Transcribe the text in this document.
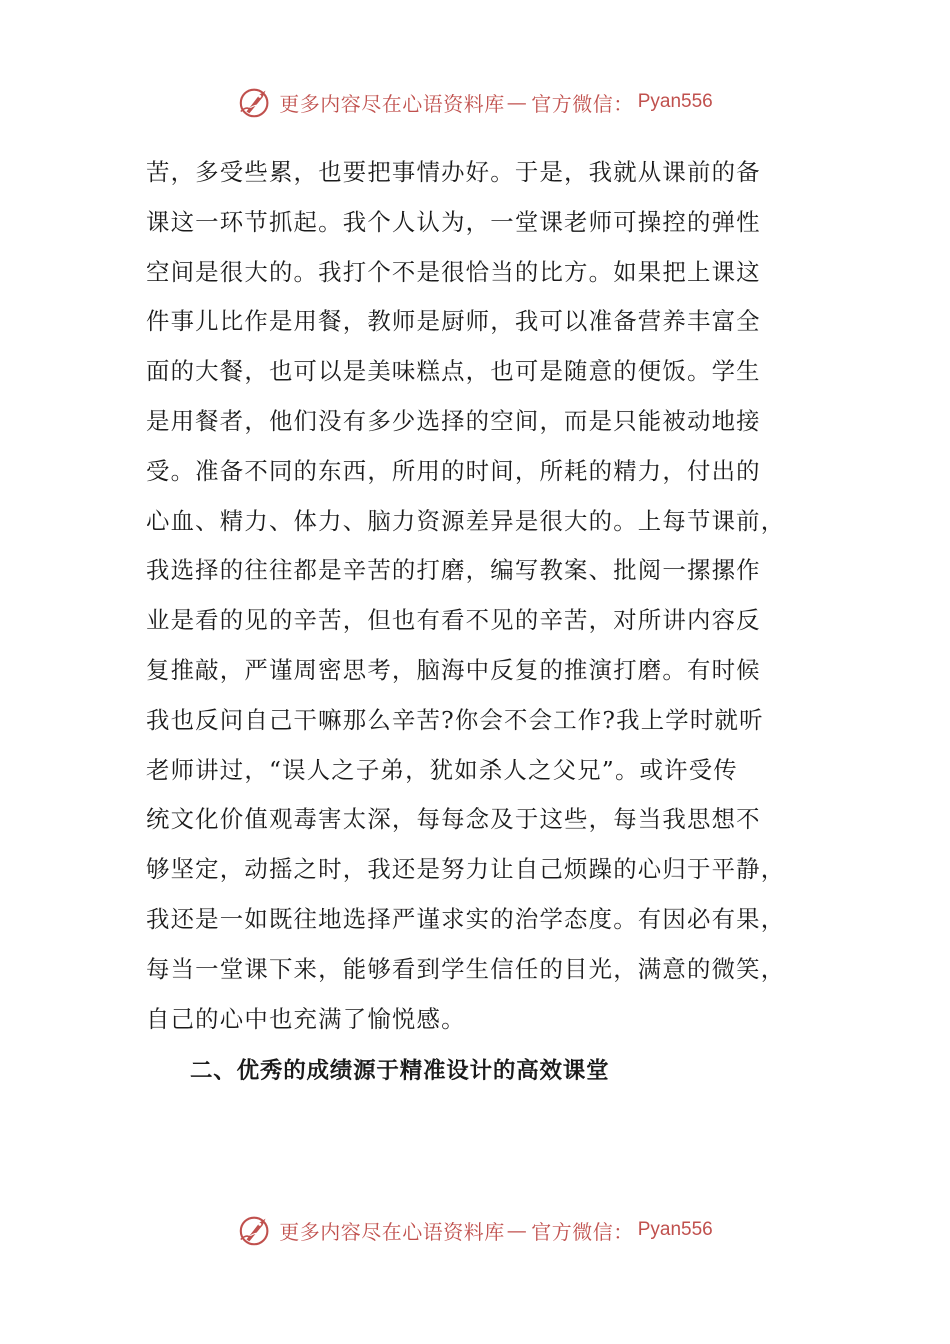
更多内容尽在心语资料库 — 官方微信： Pyan556
苦，多受些累，也要把事情办好。于是，我就从课前的备
课这一环节抓起。我个人认为，一堂课老师可操控的弹性
空间是很大的。我打个不是很恰当的比方。如果把上课这
件事儿比作是用餐，教师是厨师，我可以准备营养丰富全
面的大餐，也可以是美味糕点，也可是随意的便饭。学生
是用餐者，他们没有多少选择的空间，而是只能被动地接
受。准备不同的东西，所用的时间，所耗的精力，付出的
心血、精力、体力、脑力资源差异是很大的。上每节课前，
我选择的往往都是辛苦的打磨，编写教案、批阅一摞摞作
业是看的见的辛苦，但也有看不见的辛苦，对所讲内容反
复推敲，严谨周密思考，脑海中反复的推演打磨。有时候
我也反问自己干嘛那么辛苦?你会不会工作?我上学时就听
老师讲过，“误人之子弟，犹如杀人之父兄”。或许受传
统文化价值观毒害太深，每每念及于这些，每当我思想不
够坚定，动摇之时，我还是努力让自己烦躁的心归于平静，
我还是一如既往地选择严谨求实的治学态度。有因必有果，
每当一堂课下来，能够看到学生信任的目光，满意的微笑，
自己的心中也充满了愉悦感。
二、优秀的成绩源于精准设计的高效课堂
更多内容尽在心语资料库 — 官方微信： Pyan556
